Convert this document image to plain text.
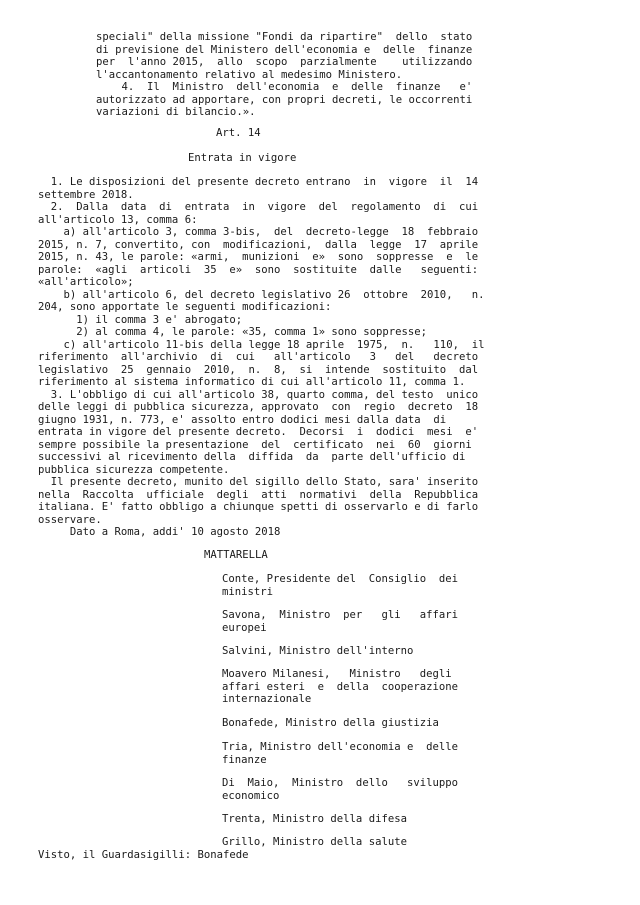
speciali" della missione "Fondi da ripartire"  dello  stato

di previsione del Ministero dell'economia e  delle  finanze

per  l'anno 2015,  allo  scopo  parzialmente    utilizzando

l'accantonamento relativo al medesimo Ministero.

4.  Il  Ministro  dell'economia  e  delle  finanze   e'

autorizzato ad apportare, con propri decreti, le occorrenti

variazioni di bilancio.».

Art. 14

Entrata in vigore

1. Le disposizioni del presente decreto entrano  in  vigore  il  14

settembre 2018.

2.  Dalla  data  di  entrata  in  vigore  del  regolamento  di  cui

all'articolo 13, comma 6:

a) all'articolo 3, comma 3-bis,  del  decreto-legge  18  febbraio

2015, n. 7, convertito, con  modificazioni,  dalla  legge  17  aprile

2015, n. 43, le parole: «armi,  munizioni  e»  sono  soppresse  e  le

parole:  «agli  articoli  35  e»  sono  sostituite  dalle   seguenti:

«all'articolo»;

b) all'articolo 6, del decreto legislativo 26  ottobre  2010,   n.

204, sono apportate le seguenti modificazioni:

1) il comma 3 e' abrogato;

2) al comma 4, le parole: «35, comma 1» sono soppresse;

c) all'articolo 11-bis della legge 18 aprile  1975,  n.   110,  il

riferimento  all'archivio  di  cui   all'articolo   3   del   decreto

legislativo  25  gennaio  2010,  n.  8,  si  intende  sostituito  dal

riferimento al sistema informatico di cui all'articolo 11, comma 1.

3. L'obbligo di cui all'articolo 38, quarto comma, del testo  unico

delle leggi di pubblica sicurezza, approvato  con  regio  decreto  18

giugno 1931, n. 773, e' assolto entro dodici mesi dalla data  di

entrata in vigore del presente decreto.  Decorsi  i  dodici  mesi  e'

sempre possibile la presentazione  del  certificato  nei  60  giorni

successivi al ricevimento della  diffida  da  parte dell'ufficio di

pubblica sicurezza competente.

Il presente decreto, munito del sigillo dello Stato, sara' inserito

nella  Raccolta  ufficiale  degli  atti  normativi  della  Repubblica

italiana. E' fatto obbligo a chiunque spetti di osservarlo e di farlo

osservare.

Dato a Roma, addi' 10 agosto 2018

MATTARELLA

Conte, Presidente del  Consiglio  dei

ministri

Savona,  Ministro  per   gli   affari

europei

Salvini, Ministro dell'interno

Moavero Milanesi,   Ministro   degli

affari esteri  e  della  cooperazione

internazionale

Bonafede, Ministro della giustizia

Tria, Ministro dell'economia e  delle

finanze

Di  Maio,  Ministro  dello   sviluppo

economico

Trenta, Ministro della difesa

Grillo, Ministro della salute

Visto, il Guardasigilli: Bonafede
